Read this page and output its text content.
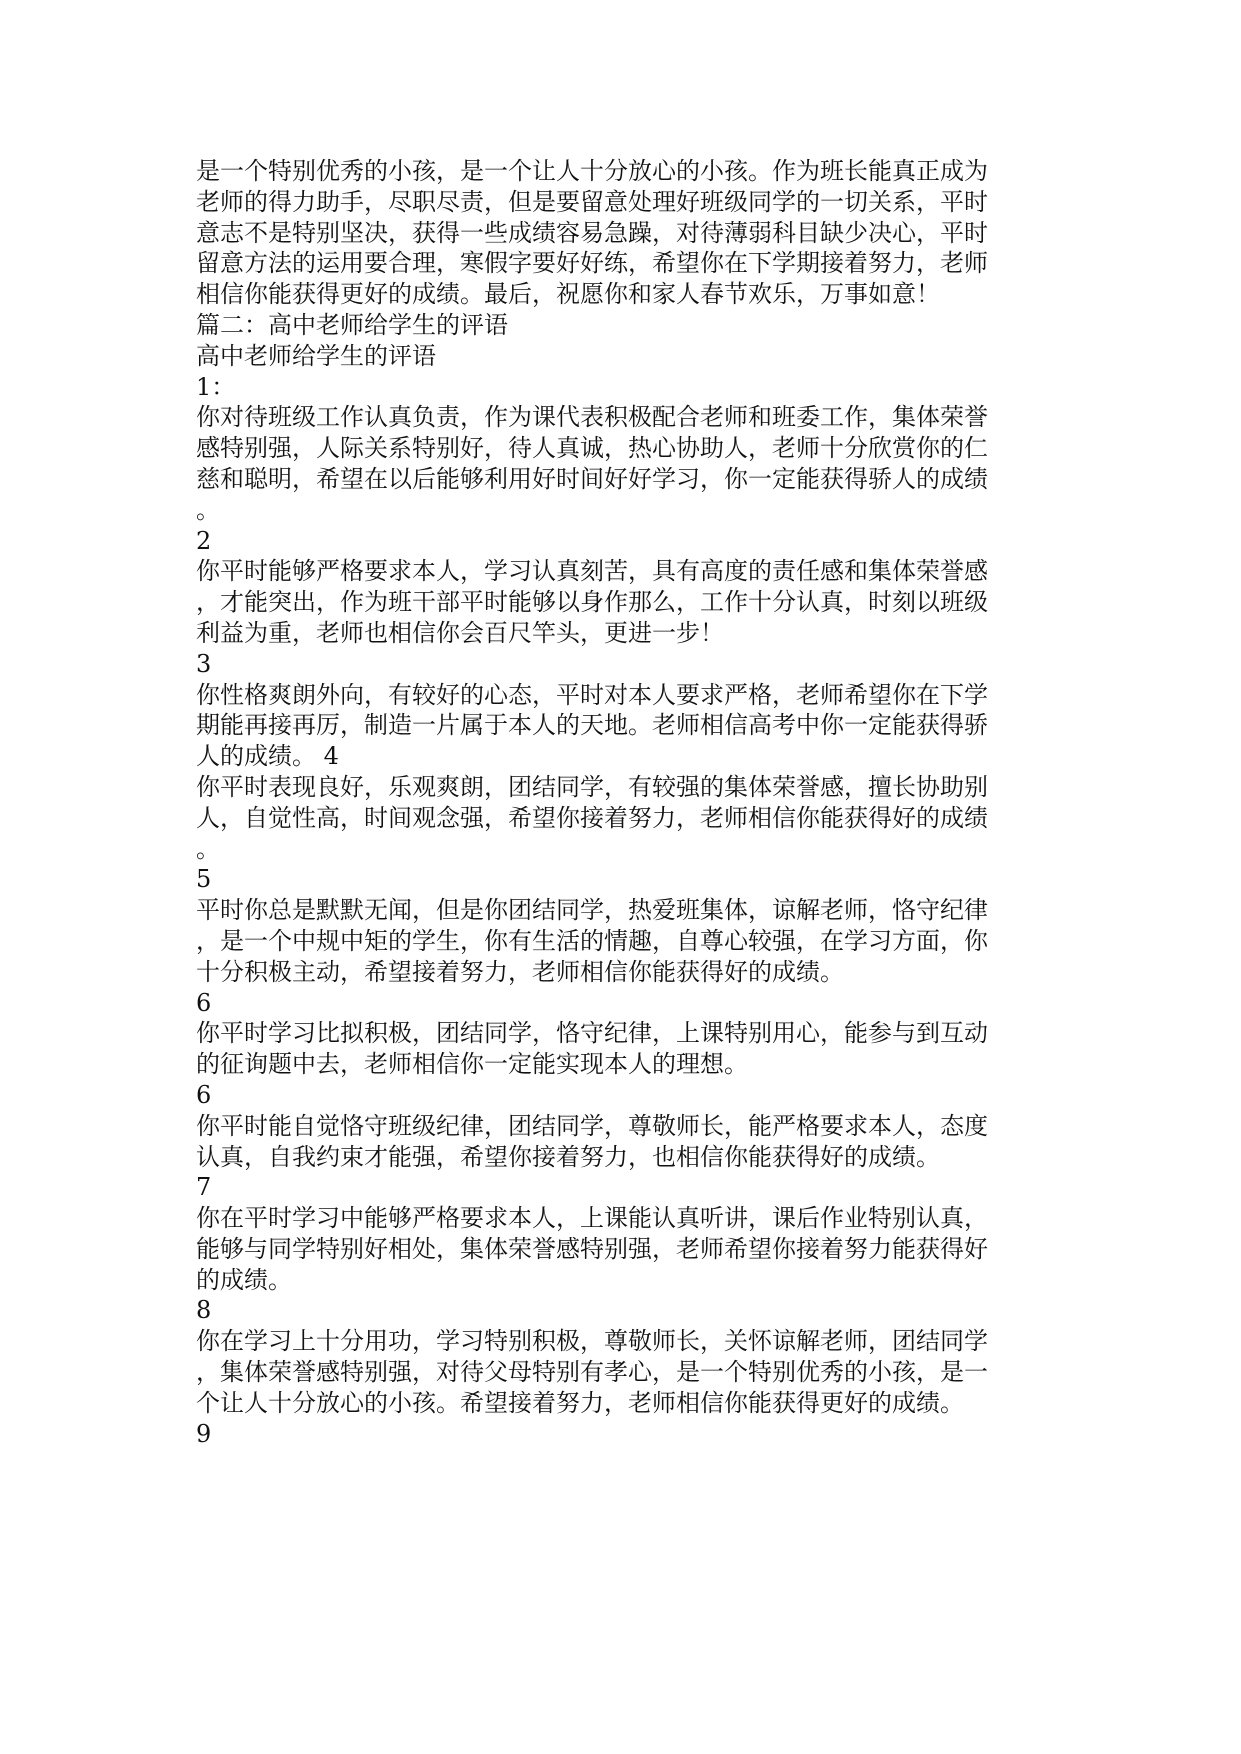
是一个特别优秀的小孩，是一个让人十分放心的小孩。作为班长能真正成为
老师的得力助手，尽职尽责，但是要留意处理好班级同学的一切关系，平时
意志不是特别坚决，获得一些成绩容易急躁，对待薄弱科目缺少决心，平时
留意方法的运用要合理，寒假字要好好练，希望你在下学期接着努力，老师
相信你能获得更好的成绩。最后，祝愿你和家人春节欢乐，万事如意！
篇二：高中老师给学生的评语
高中老师给学生的评语
1：
你对待班级工作认真负责，作为课代表积极配合老师和班委工作，集体荣誉
感特别强，人际关系特别好，待人真诚，热心协助人，老师十分欣赏你的仁
慈和聪明，希望在以后能够利用好时间好好学习，你一定能获得骄人的成绩
。
2
你平时能够严格要求本人，学习认真刻苦，具有高度的责任感和集体荣誉感
，才能突出，作为班干部平时能够以身作那么，工作十分认真，时刻以班级
利益为重，老师也相信你会百尺竿头，更进一步！
3
你性格爽朗外向，有较好的心态，平时对本人要求严格，老师希望你在下学
期能再接再厉，制造一片属于本人的天地。老师相信高考中你一定能获得骄
人的成绩。 4
你平时表现良好，乐观爽朗，团结同学，有较强的集体荣誉感，擅长协助别
人，自觉性高，时间观念强，希望你接着努力，老师相信你能获得好的成绩
。
5
平时你总是默默无闻，但是你团结同学，热爱班集体，谅解老师，恪守纪律
，是一个中规中矩的学生，你有生活的情趣，自尊心较强，在学习方面，你
十分积极主动，希望接着努力，老师相信你能获得好的成绩。
6
你平时学习比拟积极，团结同学，恪守纪律，上课特别用心，能参与到互动
的征询题中去，老师相信你一定能实现本人的理想。
6
你平时能自觉恪守班级纪律，团结同学，尊敬师长，能严格要求本人，态度
认真，自我约束才能强，希望你接着努力，也相信你能获得好的成绩。
7
你在平时学习中能够严格要求本人，上课能认真听讲，课后作业特别认真，
能够与同学特别好相处，集体荣誉感特别强，老师希望你接着努力能获得好
的成绩。
8
你在学习上十分用功，学习特别积极，尊敬师长，关怀谅解老师，团结同学
，集体荣誉感特别强，对待父母特别有孝心，是一个特别优秀的小孩，是一
个让人十分放心的小孩。希望接着努力，老师相信你能获得更好的成绩。
9
